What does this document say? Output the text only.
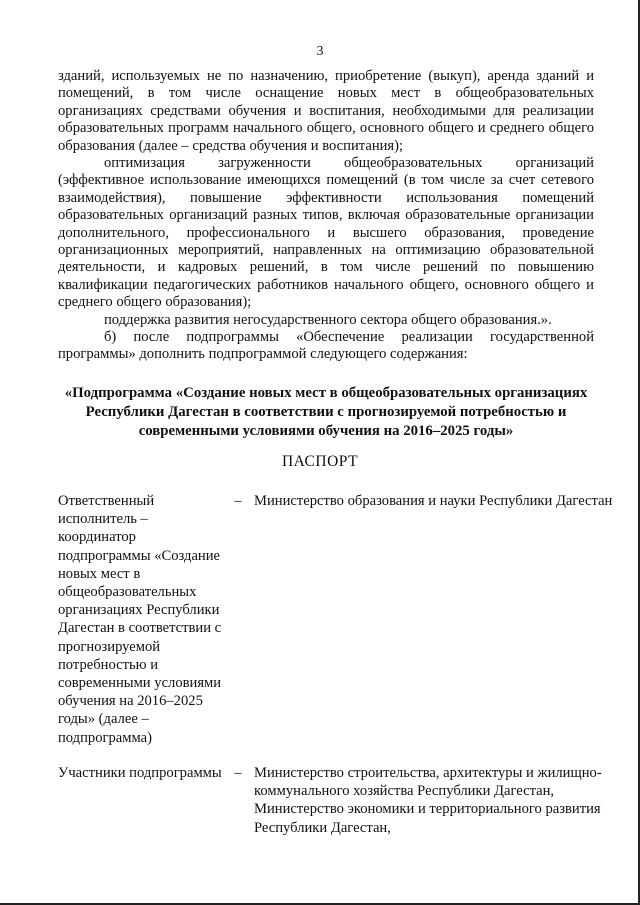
3

зданий, используемых не по назначению, приобретение (выкуп), аренда зданий и помещений, в том числе оснащение новых мест в общеобразовательных организациях средствами обучения и воспитания, необходимыми для реализации образовательных программ начального общего, основного общего и среднего общего образования (далее – средства обучения и воспитания);

оптимизация загруженности общеобразовательных организаций (эффективное использование имеющихся помещений (в том числе за счет сетевого взаимодействия), повышение эффективности использования помещений образовательных организаций разных типов, включая образовательные организации дополнительного, профессионального и высшего образования, проведение организационных мероприятий, направленных на оптимизацию образовательной деятельности, и кадровых решений, в том числе решений по повышению квалификации педагогических работников начального общего, основного общего и среднего общего образования);

поддержка развития негосударственного сектора общего образования.».

б) после подпрограммы «Обеспечение реализации государственной программы» дополнить подпрограммой следующего содержания:

«Подпрограмма «Создание новых мест в общеобразовательных организациях Республики Дагестан в соответствии с прогнозируемой потребностью и современными условиями обучения на 2016–2025 годы»

ПАСПОРТ
Ответственный исполнитель – координатор подпрограммы «Создание новых мест в общеобразовательных организациях Республики Дагестан в соответствии с прогнозируемой потребностью и современными условиями обучения на 2016–2025 годы» (далее – подпрограмма)
– Министерство образования и науки Республики Дагестан
Участники подпрограммы – Министерство строительства, архитектуры и жилищно-коммунального хозяйства Республики Дагестан, Министерство экономики и территориального развития Республики Дагестан,
